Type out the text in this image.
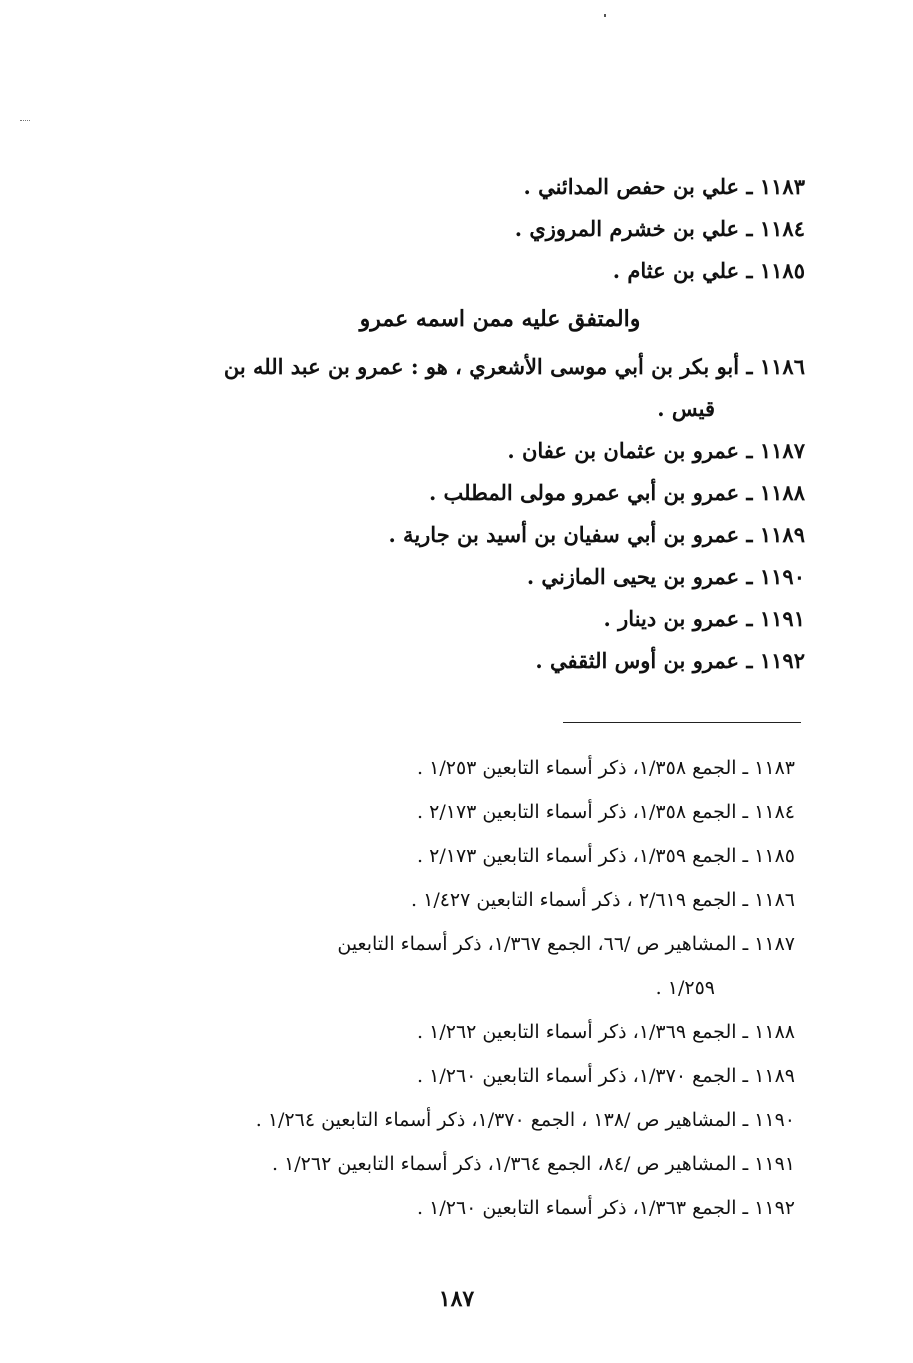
١١٨٣ ـ علي بن حفص المدائني .
١١٨٤ ـ علي بن خشرم المروزي .
١١٨٥ ـ علي بن عثام .
والمتفق عليه ممن اسمه عمرو
١١٨٦ ـ أبو بكر بن أبي موسى الأشعري ، هو : عمرو بن عبد الله بن
قيس .
١١٨٧ ـ عمرو بن عثمان بن عفان .
١١٨٨ ـ عمرو بن أبي عمرو مولى المطلب .
١١٨٩ ـ عمرو بن أبي سفيان بن أسيد بن جارية .
١١٩٠ ـ عمرو بن يحيى المازني .
١١٩١ ـ عمرو بن دينار .
١١٩٢ ـ عمرو بن أوس الثقفي .
١١٨٣ ـ الجمع ١/٣٥٨، ذكر أسماء التابعين ١/٢٥٣ .
١١٨٤ ـ الجمع ١/٣٥٨، ذكر أسماء التابعين ٢/١٧٣ .
١١٨٥ ـ الجمع ١/٣٥٩، ذكر أسماء التابعين ٢/١٧٣ .
١١٨٦ ـ الجمع ٢/٦١٩ ، ذكر أسماء التابعين ١/٤٢٧ .
١١٨٧ ـ المشاهير ص /٦٦، الجمع ١/٣٦٧، ذكر أسماء التابعين
١/٢٥٩ .
١١٨٨ ـ الجمع ١/٣٦٩، ذكر أسماء التابعين ١/٢٦٢ .
١١٨٩ ـ الجمع ١/٣٧٠، ذكر أسماء التابعين ١/٢٦٠ .
١١٩٠ ـ المشاهير ص /١٣٨ ، الجمع ١/٣٧٠، ذكر أسماء التابعين ١/٢٦٤ .
١١٩١ ـ المشاهير ص /٨٤، الجمع ١/٣٦٤، ذكر أسماء التابعين ١/٢٦٢ .
١١٩٢ ـ الجمع ١/٣٦٣، ذكر أسماء التابعين ١/٢٦٠ .
١٨٧
